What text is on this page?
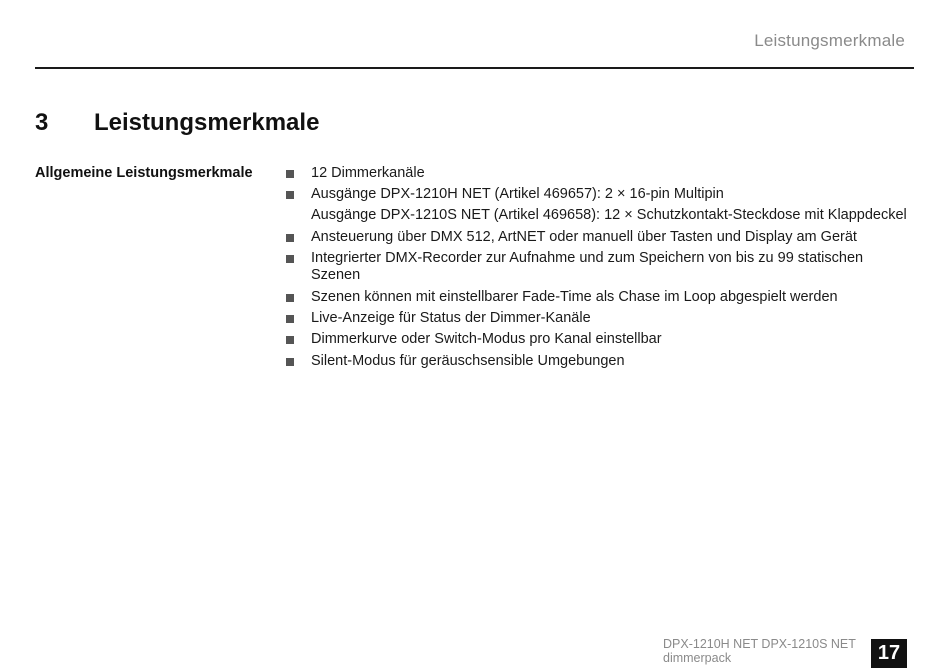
Leistungsmerkmale
3 Leistungsmerkmale
Allgemeine Leistungsmerkmale	12 Dimmerkanäle
Ausgänge DPX-1210H NET (Artikel 469657): 2 × 16-pin Multipin
Ausgänge DPX-1210S NET (Artikel 469658): 12 × Schutzkontakt-Steckdose mit Klappdeckel
Ansteuerung über DMX 512, ArtNET oder manuell über Tasten und Display am Gerät
Integrierter DMX-Recorder zur Aufnahme und zum Speichern von bis zu 99 statischen Szenen
Szenen können mit einstellbarer Fade-Time als Chase im Loop abgespielt werden
Live-Anzeige für Status der Dimmer-Kanäle
Dimmerkurve oder Switch-Modus pro Kanal einstellbar
Silent-Modus für geräuschsensible Umgebungen
DPX-1210H NET DPX-1210S NET dimmerpack	17
